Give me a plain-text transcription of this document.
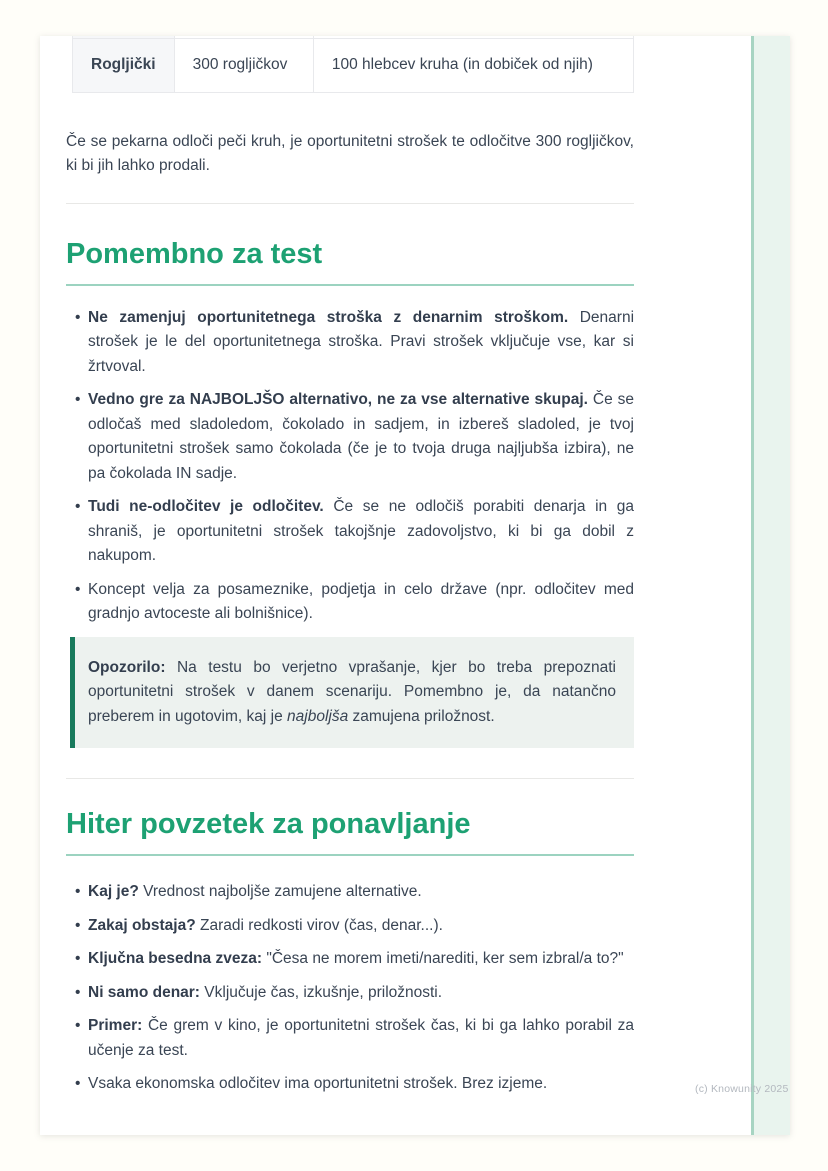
(c) Knowunity 2025

Rogljički	300 rogljičkov	100 hlebcev kruha (in dobiček od njih)

Če se pekarna odloči peči kruh, je oportunitetni strošek te odločitve 300 rogljičkov, ki bi jih lahko prodali.

Pomembno za test
• Ne zamenjuj oportunitetnega stroška z denarnim stroškom. Denarni strošek je le del oportunitetnega stroška. Pravi strošek vključuje vse, kar si žrtvoval.
• Vedno gre za NAJBOLJŠO alternativo, ne za vse alternative skupaj. Če se odločaš med sladoledom, čokolado in sadjem, in izbereš sladoled, je tvoj oportunitetni strošek samo čokolada (če je to tvoja druga najljubša izbira), ne pa čokolada IN sadje.
• Tudi ne-odločitev je odločitev. Če se ne odločiš porabiti denarja in ga shraniš, je oportunitetni strošek takojšnje zadovoljstvo, ki bi ga dobil z nakupom.
• Koncept velja za posameznike, podjetja in celo države (npr. odločitev med gradnjo avtoceste ali bolnišnice).
Opozorilo: Na testu bo verjetno vprašanje, kjer bo treba prepoznati oportunitetni strošek v danem scenariju. Pomembno je, da natančno preberem in ugotovim, kaj je najboljša zamujena priložnost.
Hiter povzetek za ponavljanje
• Kaj je? Vrednost najboljše zamujene alternative.
• Zakaj obstaja? Zaradi redkosti virov (čas, denar...).
• Ključna besedna zveza: "Česa ne morem imeti/narediti, ker sem izbral/a to?"
• Ni samo denar: Vključuje čas, izkušnje, priložnosti.
• Primer: Če grem v kino, je oportunitetni strošek čas, ki bi ga lahko porabil za učenje za test.
• Vsaka ekonomska odločitev ima oportunitetni strošek. Brez izjeme.
